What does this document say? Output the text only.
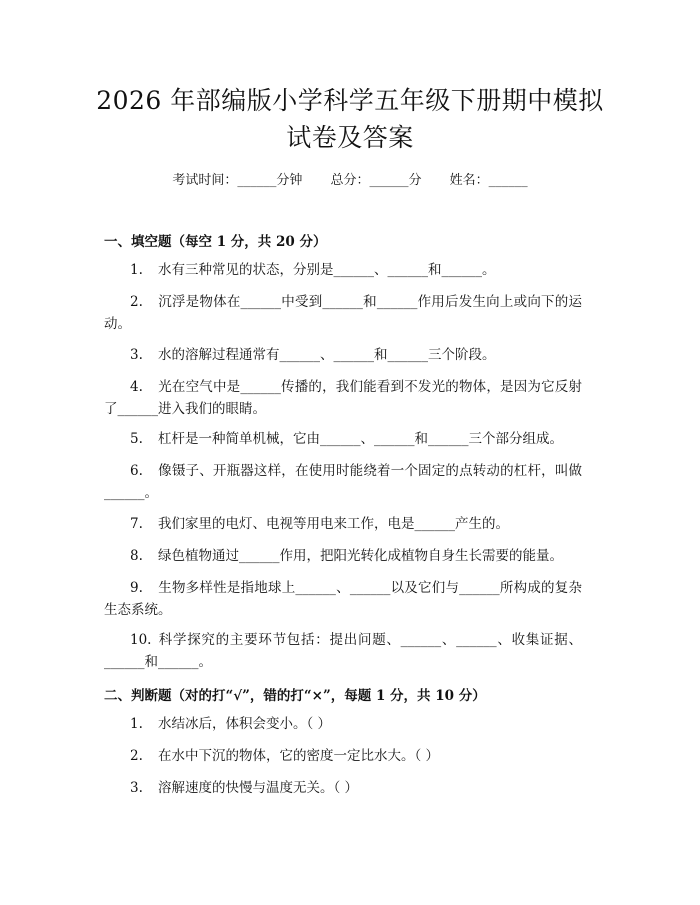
2026 年部编版小学科学五年级下册期中模拟
试卷及答案
考试时间：______分钟 总分：______分 姓名：______
一、填空题（每空 1 分，共 20 分）
1. 水有三种常见的状态，分别是______、______和______。
2. 沉浮是物体在______中受到______和______作用后发生向上或向下的运动。
3. 水的溶解过程通常有______、______和______三个阶段。
4. 光在空气中是______传播的，我们能看到不发光的物体，是因为它反射了______进入我们的眼睛。
5. 杠杆是一种简单机械，它由______、______和______三个部分组成。
6. 像镊子、开瓶器这样，在使用时能绕着一个固定的点转动的杠杆，叫做______。
7. 我们家里的电灯、电视等用电来工作，电是______产生的。
8. 绿色植物通过______作用，把阳光转化成植物自身生长需要的能量。
9. 生物多样性是指地球上______、______以及它们与______所构成的复杂生态系统。
10. 科学探究的主要环节包括：提出问题、______、______、收集证据、______和______。
二、判断题（对的打“√”，错的打“×”，每题 1 分，共 10 分）
1. 水结冰后，体积会变小。（ ）
2. 在水中下沉的物体，它的密度一定比水大。（ ）
3. 溶解速度的快慢与温度无关。（ ）
